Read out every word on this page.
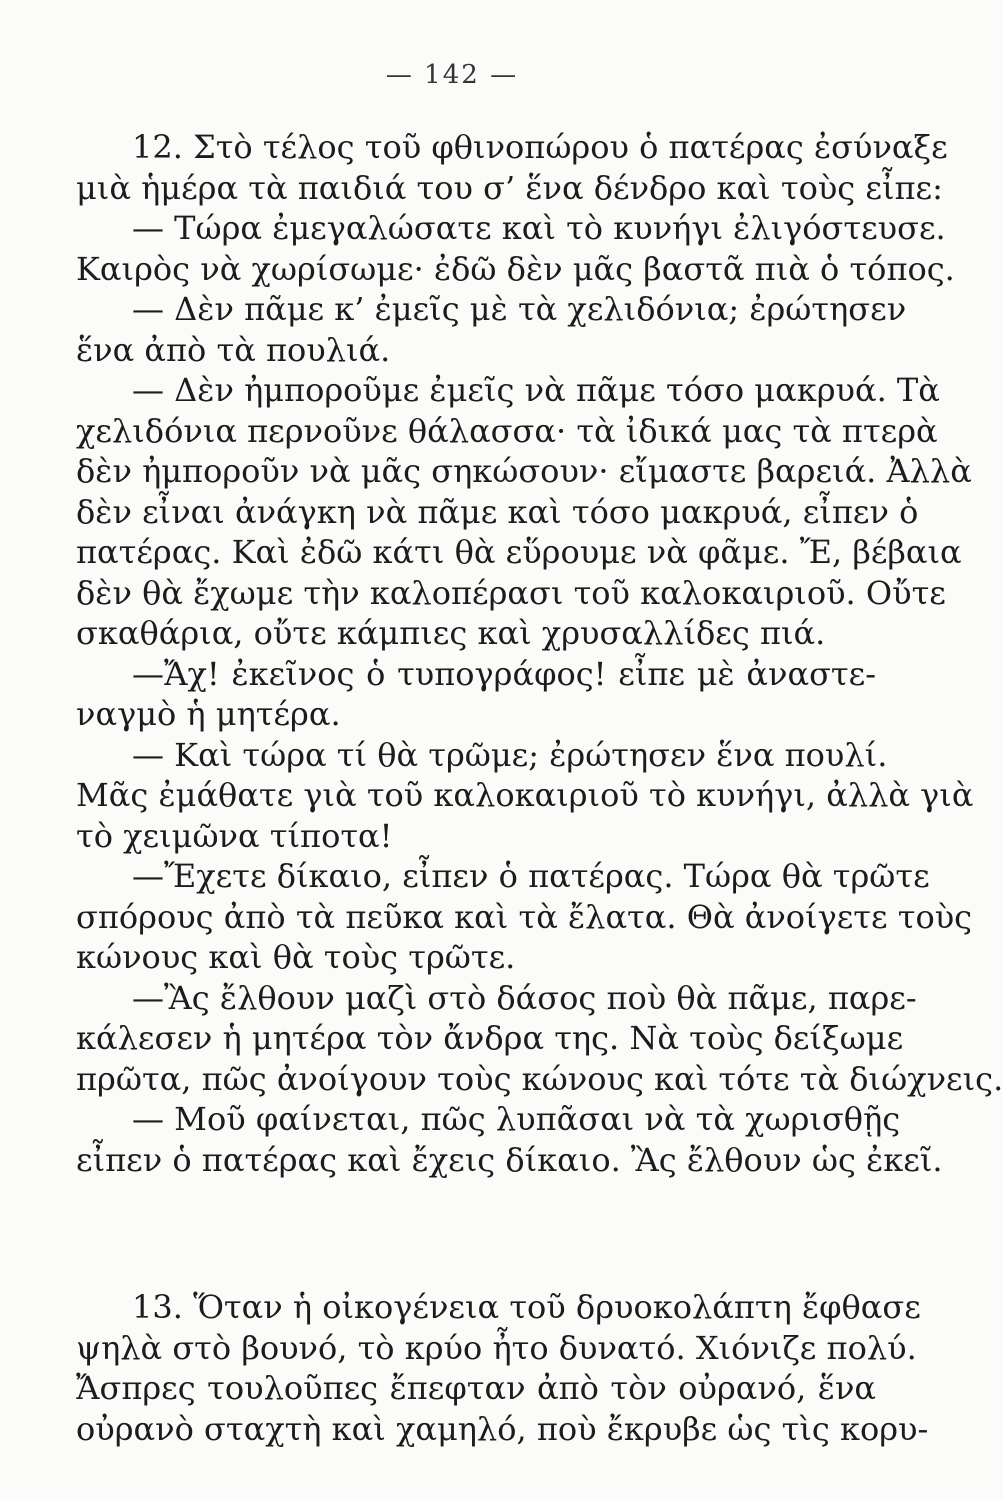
— 142 —
12. Στὸ τέλος τοῦ φθινοπώρου ὁ πατέρας ἐσύναξε
μιὰ ἡμέρα τὰ παιδιά του σ’ ἕνα δένδρο καὶ τοὺς εἶπε:
— Τώρα ἐμεγαλώσατε καὶ τὸ κυνήγι ἐλιγόστευσε.
Καιρὸς νὰ χωρίσωμε· ἐδῶ δὲν μᾶς βαστᾶ πιὰ ὁ τόπος.
— Δὲν πᾶμε κ’ ἐμεῖς μὲ τὰ χελιδόνια; ἐρώτησεν
ἕνα ἀπὸ τὰ πουλιά.
— Δὲν ἠμποροῦμε ἐμεῖς νὰ πᾶμε τόσο μακρυά. Τὰ
χελιδόνια περνοῦνε θάλασσα· τὰ ἰδικά μας τὰ πτερὰ
δὲν ἠμποροῦν νὰ μᾶς σηκώσουν· εἴμαστε βαρειά. Ἀλλὰ
δὲν εἶναι ἀνάγκη νὰ πᾶμε καὶ τόσο μακρυά, εἶπεν ὁ
πατέρας. Καὶ ἐδῶ κάτι θὰ εὕρουμε νὰ φᾶμε. Ἔ, βέβαια
δὲν θὰ ἔχωμε τὴν καλοπέρασι τοῦ καλοκαιριοῦ. Οὔτε
σκαθάρια, οὔτε κάμπιες καὶ χρυσαλλίδες πιά.
—Ἄχ! ἐκεῖνος ὁ τυπογράφος! εἶπε μὲ ἀναστε-
ναγμὸ ἡ μητέρα.
— Καὶ τώρα τί θὰ τρῶμε; ἐρώτησεν ἕνα πουλί.
Μᾶς ἐμάθατε γιὰ τοῦ καλοκαιριοῦ τὸ κυνήγι, ἀλλὰ γιὰ
τὸ χειμῶνα τίποτα!
—Ἔχετε δίκαιο, εἶπεν ὁ πατέρας. Τώρα θὰ τρῶτε
σπόρους ἀπὸ τὰ πεῦκα καὶ τὰ ἔλατα. Θὰ ἀνοίγετε τοὺς
κώνους καὶ θὰ τοὺς τρῶτε.
—Ἂς ἔλθουν μαζὶ στὸ δάσος ποὺ θὰ πᾶμε, παρε-
κάλεσεν ἡ μητέρα τὸν ἄνδρα της. Νὰ τοὺς δείξωμε
πρῶτα, πῶς ἀνοίγουν τοὺς κώνους καὶ τότε τὰ διώχνεις.
— Μοῦ φαίνεται, πῶς λυπᾶσαι νὰ τὰ χωρισθῇς
εἶπεν ὁ πατέρας καὶ ἔχεις δίκαιο. Ἂς ἔλθουν ὡς ἐκεῖ.
13. Ὅταν ἡ οἰκογένεια τοῦ δρυοκολάπτη ἔφθασε
ψηλὰ στὸ βουνό, τὸ κρύο ἦτο δυνατό. Χιόνιζε πολύ.
Ἄσπρες τουλοῦπες ἔπεφταν ἀπὸ τὸν οὐρανό, ἕνα
οὐρανὸ σταχτὴ καὶ χαμηλό, ποὺ ἔκρυβε ὡς τὶς κορυ-
